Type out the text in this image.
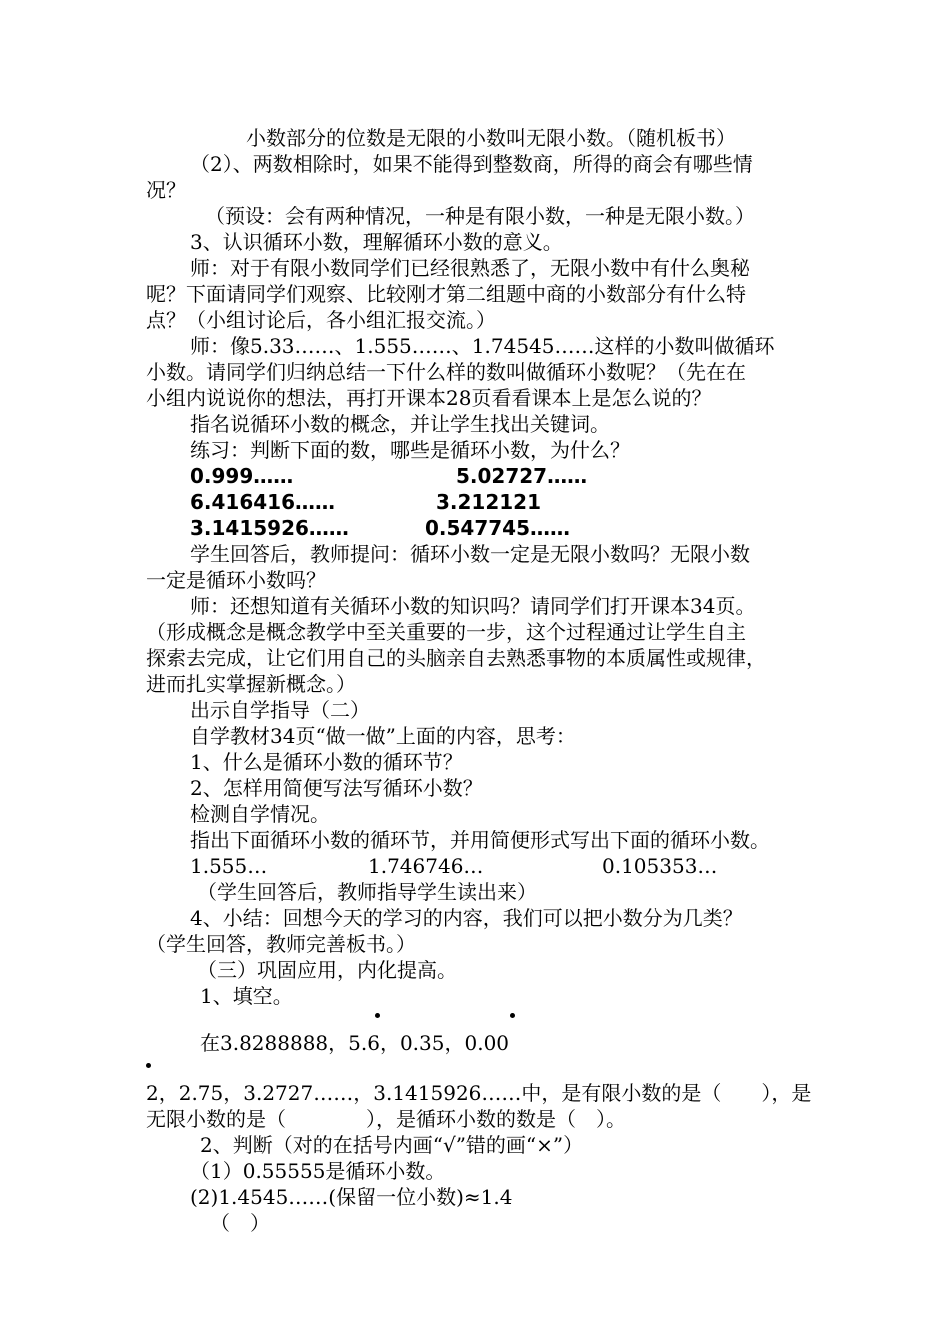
小数部分的位数是无限的小数叫无限小数。（随机板书）
（2）、两数相除时，如果不能得到整数商，所得的商会有哪些情
况？
（预设：会有两种情况，一种是有限小数，一种是无限小数。）
3、认识循环小数，理解循环小数的意义。
师：对于有限小数同学们已经很熟悉了，无限小数中有什么奥秘
呢？下面请同学们观察、比较刚才第二组题中商的小数部分有什么特
点？（小组讨论后，各小组汇报交流。）
师：像5.33……、1.555……、1.74545……这样的小数叫做循环
小数。请同学们归纳总结一下什么样的数叫做循环小数呢？（先在在
小组内说说你的想法，再打开课本28页看看课本上是怎么说的？
指名说循环小数的概念，并让学生找出关键词。
练习：判断下面的数，哪些是循环小数，为什么？
0.999……	5.02727……
6.416416……	3.212121
3.1415926……	0.547745……
学生回答后，教师提问：循环小数一定是无限小数吗？无限小数
一定是循环小数吗？
师：还想知道有关循环小数的知识吗？请同学们打开课本34页。
（形成概念是概念教学中至关重要的一步，这个过程通过让学生自主
探索去完成，让它们用自己的头脑亲自去熟悉事物的本质属性或规律，
进而扎实掌握新概念。）
出示自学指导（二）
自学教材34页“做一做”上面的内容，思考：
1、什么是循环小数的循环节？
2、怎样用简便写法写循环小数？
检测自学情况。
指出下面循环小数的循环节，并用简便形式写出下面的循环小数。
1.555…	1.746746…	0.105353…
（学生回答后，教师指导学生读出来）
4、小结：回想今天的学习的内容，我们可以把小数分为几类？
（学生回答，教师完善板书。）
（三）巩固应用，内化提高。
1、填空。
在3.8288888，5.6，0.35，0.00
2，2.75，3.2727……，3.1415926……中，是有限小数的是（　　），是
无限小数的是（　　　　），是循环小数的数是（　）。
2、判断（对的在括号内画“√”错的画“×”）
（1）0.55555是循环小数。
(2)1.4545……(保留一位小数)≈1.4
（　）
